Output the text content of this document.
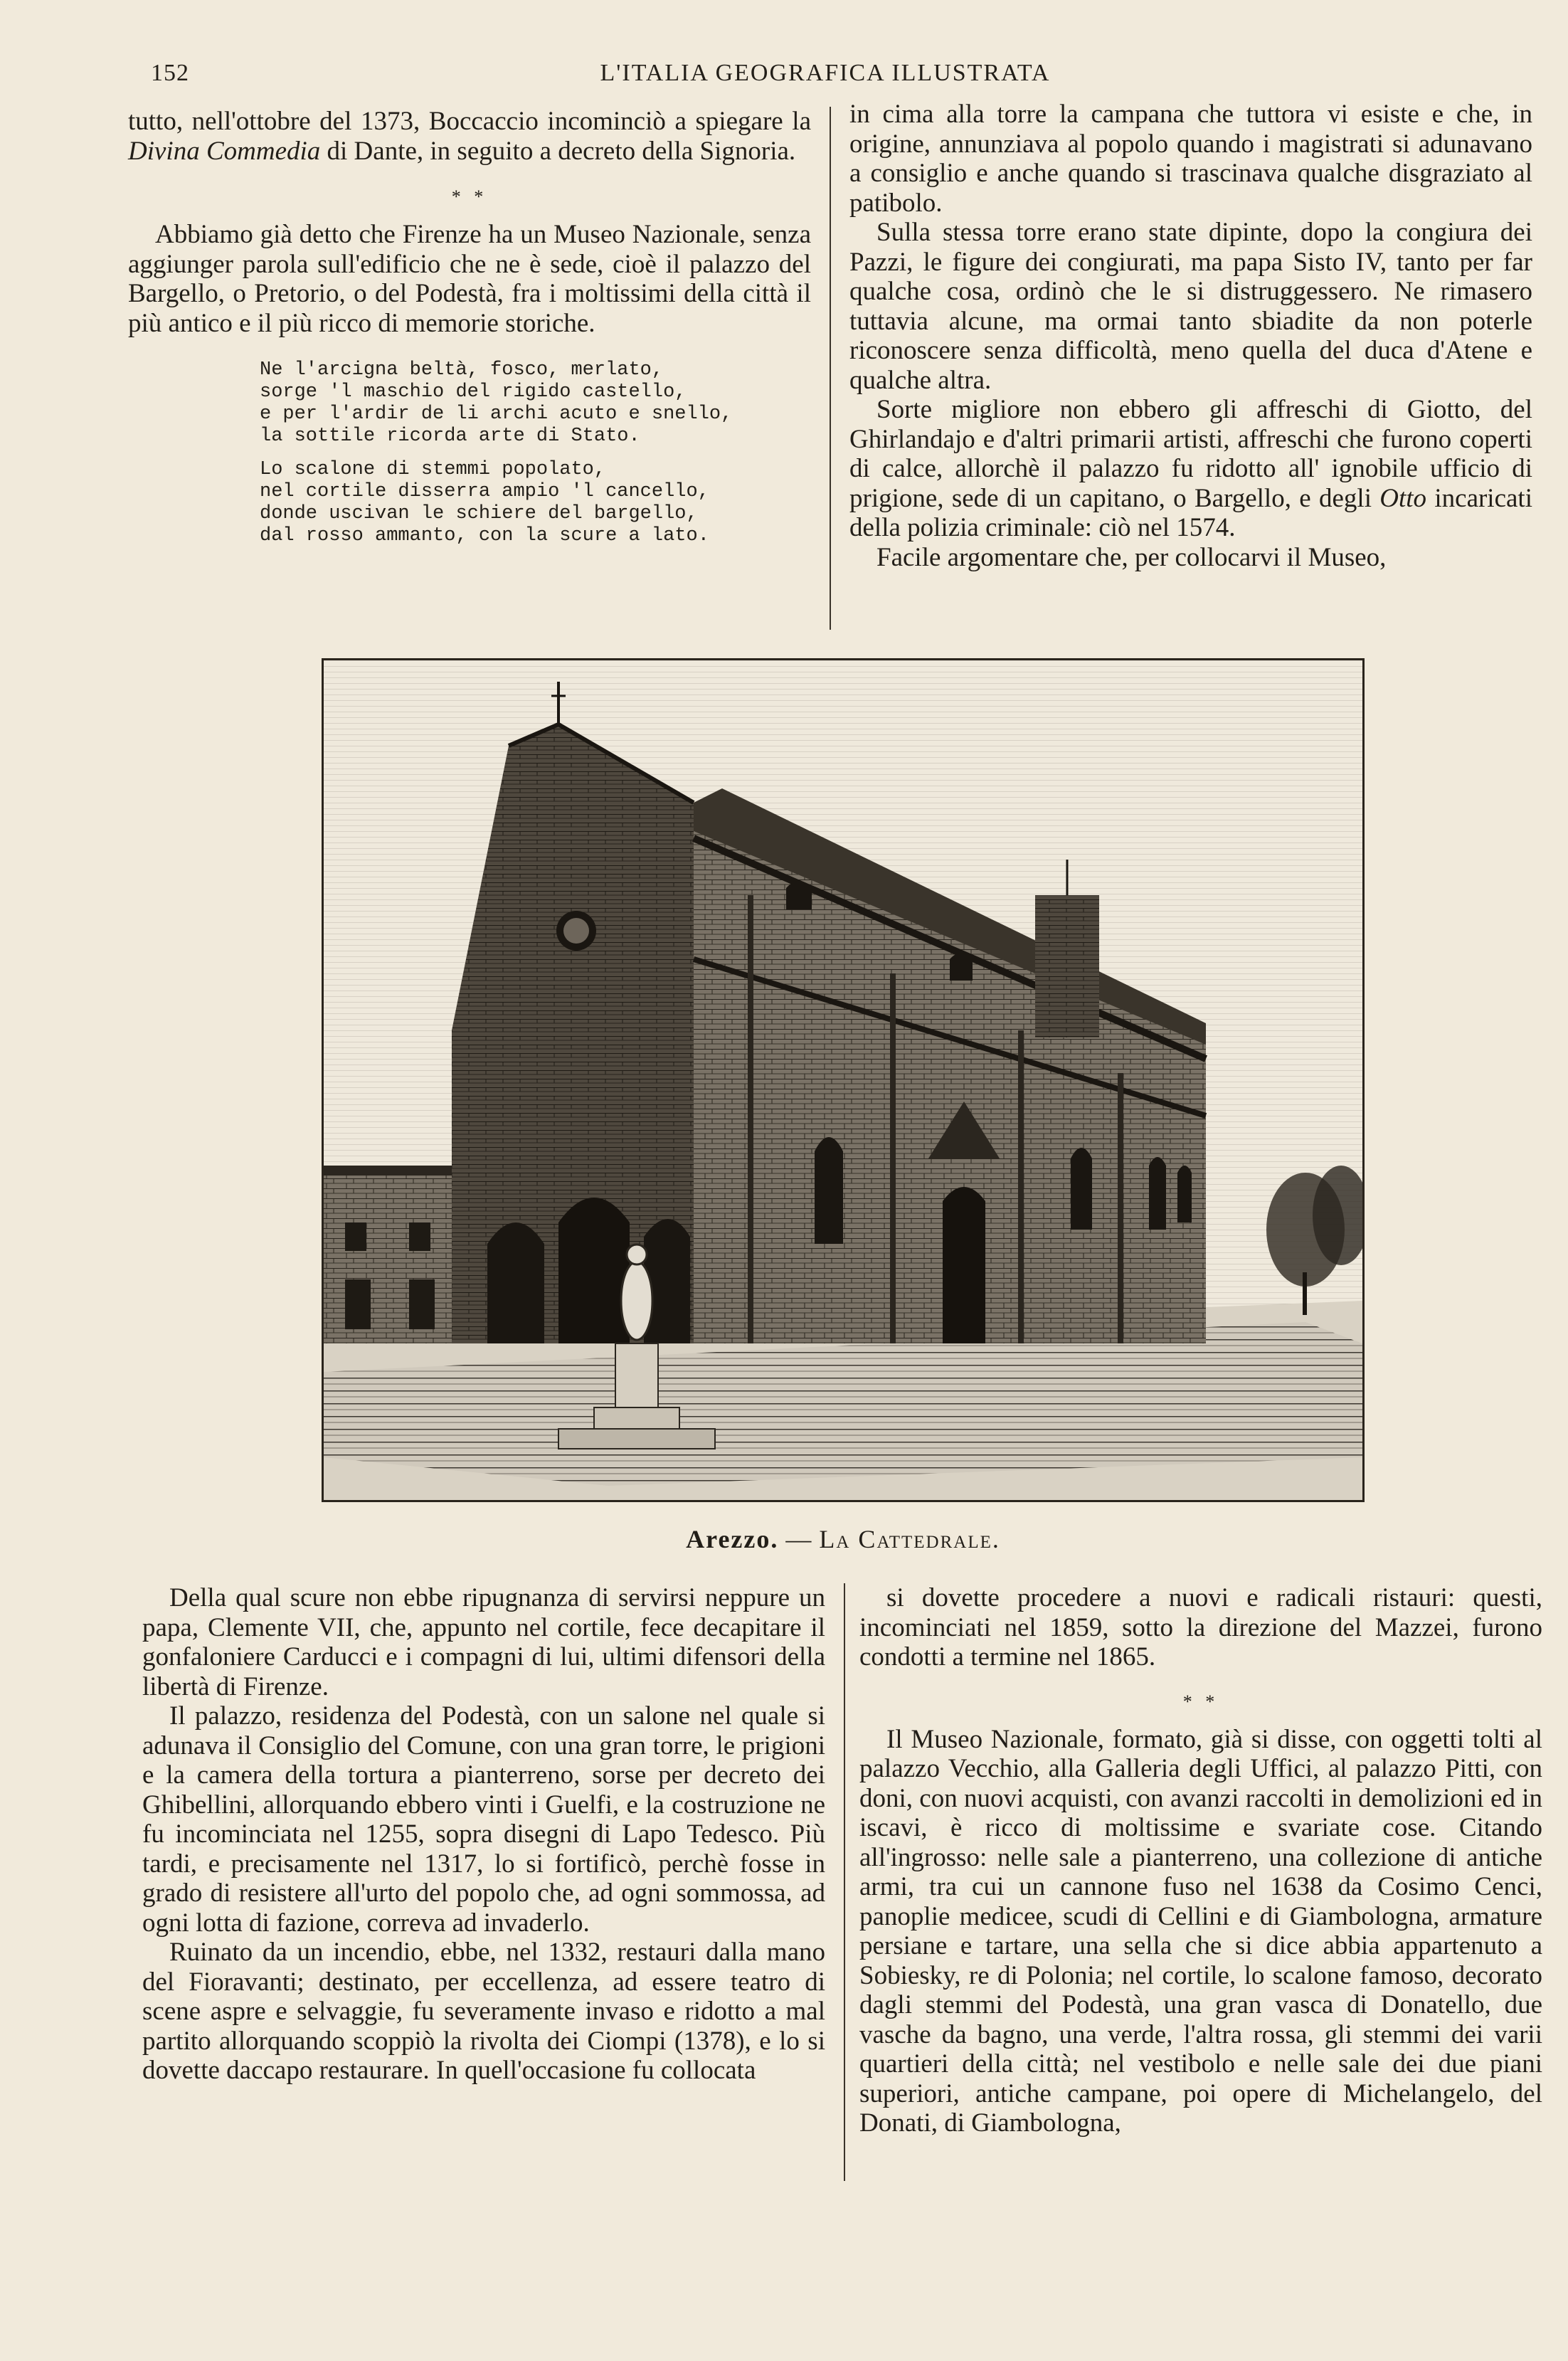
152	L'ITALIA GEOGRAFICA ILLUSTRATA

tutto, nell'ottobre del 1373, Boccaccio incominciò a spiegare la Divina Commedia di Dante, in seguito a decreto della Signoria.

* *

Abbiamo già detto che Firenze ha un Museo Nazionale, senza aggiunger parola sull'edificio che ne è sede, cioè il palazzo del Bargello, o Pretorio, o del Podestà, fra i moltissimi della città il più antico e il più ricco di memorie storiche.

Ne l'arcigna beltà, fosco, merlato,
sorge 'l maschio del rigido castello,
e per l'ardir de li archi acuto e snello,
la sottile ricorda arte di Stato.
Lo scalone di stemmi popolato,
nel cortile disserra ampio 'l cancello,
donde uscivan le schiere del bargello,
dal rosso ammanto, con la scure a lato.

in cima alla torre la campana che tuttora vi esiste e che, in origine, annunziava al popolo quando i magistrati si adunavano a consiglio e anche quando si trascinava qualche disgraziato al patibolo.

Sulla stessa torre erano state dipinte, dopo la congiura dei Pazzi, le figure dei congiurati, ma papa Sisto IV, tanto per far qualche cosa, ordinò che le si distruggessero. Ne rimasero tuttavia alcune, ma ormai tanto sbiadite da non poterle riconoscere senza difficoltà, meno quella del duca d'Atene e qualche altra.

Sorte migliore non ebbero gli affreschi di Giotto, del Ghirlandajo e d'altri primarii artisti, affreschi che furono coperti di calce, allorchè il palazzo fu ridotto all' ignobile ufficio di prigione, sede di un capitano, o Bargello, e degli Otto incaricati della polizia criminale: ciò nel 1574.

Facile argomentare che, per collocarvi il Museo,

Arezzo. — La Cattedrale.

Della qual scure non ebbe ripugnanza di servirsi neppure un papa, Clemente VII, che, appunto nel cortile, fece decapitare il gonfaloniere Carducci e i compagni di lui, ultimi difensori della libertà di Firenze.

Il palazzo, residenza del Podestà, con un salone nel quale si adunava il Consiglio del Comune, con una gran torre, le prigioni e la camera della tortura a pianterreno, sorse per decreto dei Ghibellini, allorquando ebbero vinti i Guelfi, e la costruzione ne fu incominciata nel 1255, sopra disegni di Lapo Tedesco. Più tardi, e precisamente nel 1317, lo si fortificò, perchè fosse in grado di resistere all'urto del popolo che, ad ogni sommossa, ad ogni lotta di fazione, correva ad invaderlo.

Ruinato da un incendio, ebbe, nel 1332, restauri dalla mano del Fioravanti; destinato, per eccellenza, ad essere teatro di scene aspre e selvaggie, fu severamente invaso e ridotto a mal partito allorquando scoppiò la rivolta dei Ciompi (1378), e lo si dovette daccapo restaurare. In quell'occasione fu collocata

si dovette procedere a nuovi e radicali ristauri: questi, incominciati nel 1859, sotto la direzione del Mazzei, furono condotti a termine nel 1865.

* *

Il Museo Nazionale, formato, già si disse, con oggetti tolti al palazzo Vecchio, alla Galleria degli Uffici, al palazzo Pitti, con doni, con nuovi acquisti, con avanzi raccolti in demolizioni ed in iscavi, è ricco di moltissime e svariate cose. Citando all'ingrosso: nelle sale a pianterreno, una collezione di antiche armi, tra cui un cannone fuso nel 1638 da Cosimo Cenci, panoplie medicee, scudi di Cellini e di Giambologna, armature persiane e tartare, una sella che si dice abbia appartenuto a Sobiesky, re di Polonia; nel cortile, lo scalone famoso, decorato dagli stemmi del Podestà, una gran vasca di Donatello, due vasche da bagno, una verde, l'altra rossa, gli stemmi dei varii quartieri della città; nel vestibolo e nelle sale dei due piani superiori, antiche campane, poi opere di Michelangelo, del Donati, di Giambologna,
